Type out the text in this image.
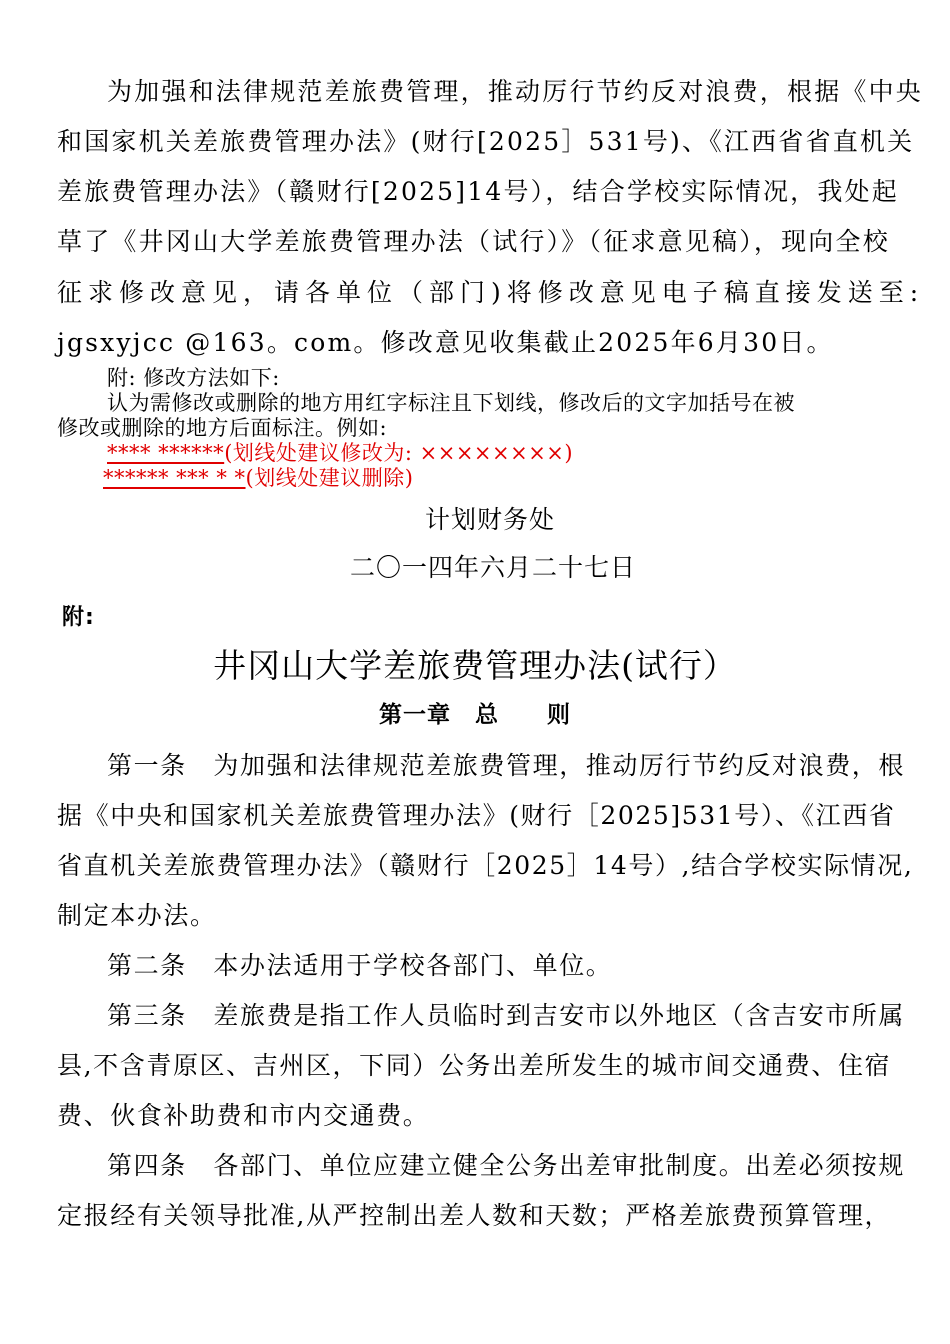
为加强和法律规范差旅费管理，推动厉行节约反对浪费，根据《中央
和国家机关差旅费管理办法》(财行[2025］531号)、《江西省省直机关
差旅费管理办法》（赣财行[2025]14号），结合学校实际情况，我处起
草了《井冈山大学差旅费管理办法（试行）》（征求意见稿），现向全校
征求修改意见，请各单位（部门)将修改意见电子稿直接发送至:
jgsxyjcc @163。com。修改意见收集截止2025年6月30日。
附: 修改方法如下:
认为需修改或删除的地方用红字标注且下划线，修改后的文字加括号在被
修改或删除的地方后面标注。例如:
**** ******(划线处建议修改为: ××××××××)
****** *** * *(划线处建议删除)
计划财务处
二〇一四年六月二十七日
附:
井冈山大学差旅费管理办法(试行）
第一章　总　　则
第一条　为加强和法律规范差旅费管理，推动厉行节约反对浪费，根
据《中央和国家机关差旅费管理办法》(财行［2025]531号）、《江西省
省直机关差旅费管理办法》（赣财行［2025］14号）,结合学校实际情况,
制定本办法。
第二条　本办法适用于学校各部门、单位。
第三条　差旅费是指工作人员临时到吉安市以外地区（含吉安市所属
县,不含青原区、吉州区，下同）公务出差所发生的城市间交通费、住宿
费、伙食补助费和市内交通费。
第四条　各部门、单位应建立健全公务出差审批制度。出差必须按规
定报经有关领导批准,从严控制出差人数和天数；严格差旅费预算管理，
